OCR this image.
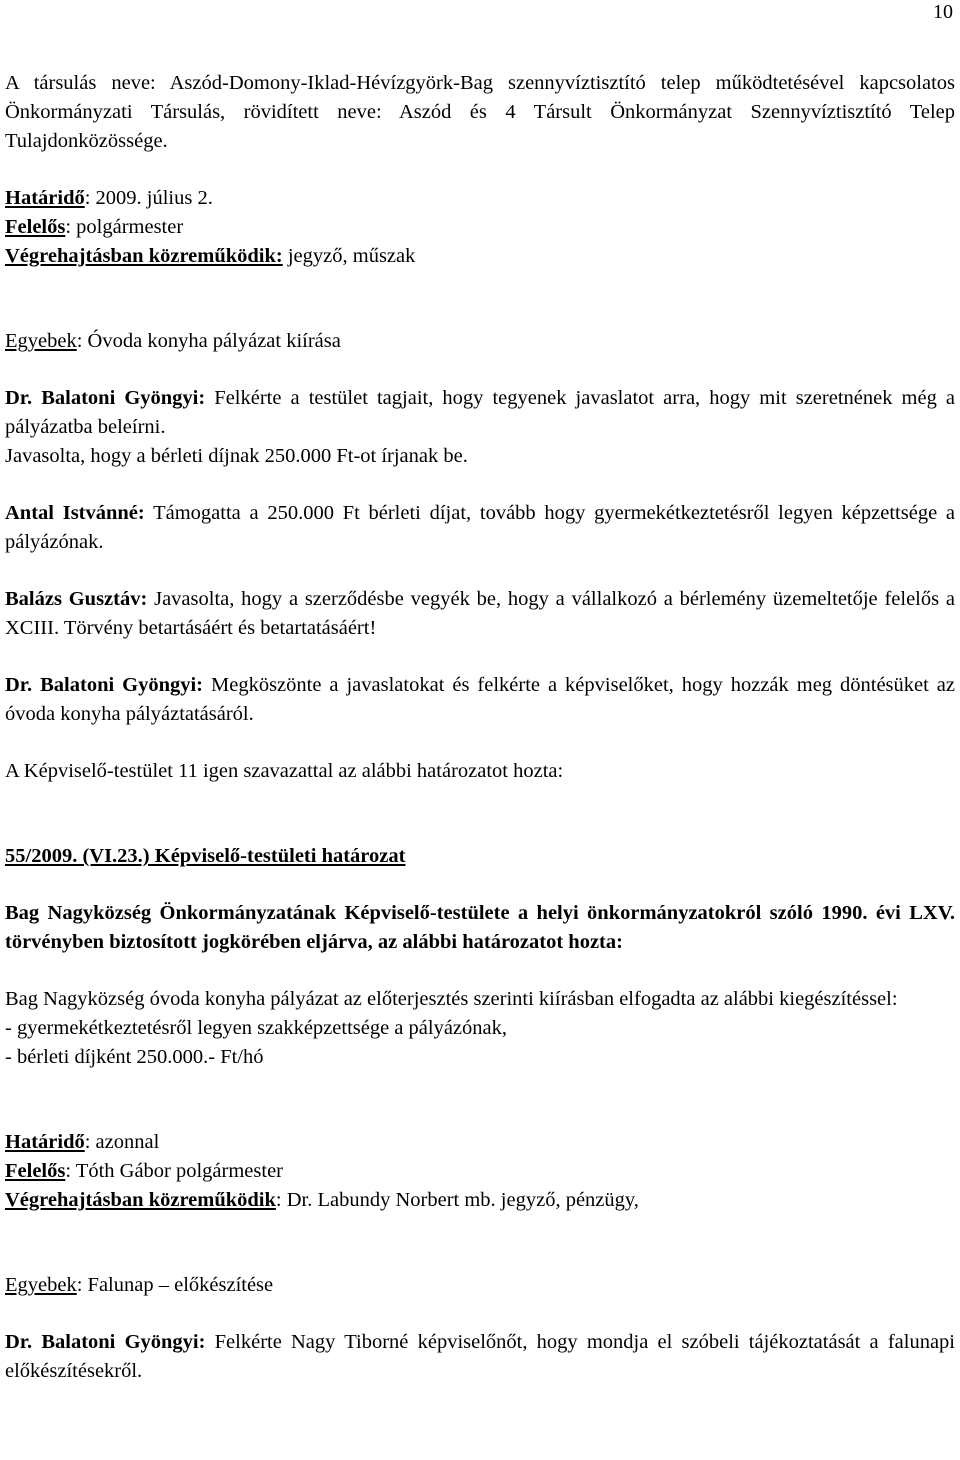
10

A társulás neve: Aszód-Domony-Iklad-Hévízgyörk-Bag szennyvíztisztító telep működtetésével kapcsolatos Önkormányzati Társulás, rövidített neve: Aszód és 4 Társult Önkormányzat Szennyvíztisztító Telep Tulajdonközössége.

Határidő: 2009. július 2.

Felelős: polgármester

Végrehajtásban közreműködik: jegyző, műszak

Egyebek: Óvoda konyha pályázat kiírása

Dr. Balatoni Gyöngyi: Felkérte a testület tagjait, hogy tegyenek javaslatot arra, hogy mit szeretnének még a pályázatba beleírni.

Javasolta, hogy a bérleti díjnak 250.000 Ft-ot írjanak be.

Antal Istvánné: Támogatta a 250.000 Ft bérleti díjat, tovább hogy gyermekétkeztetésről legyen képzettsége a pályázónak.

Balázs Gusztáv: Javasolta, hogy a szerződésbe vegyék be, hogy a vállalkozó a bérlemény üzemeltetője felelős a XCIII. Törvény betartásáért és betartatásáért!

Dr. Balatoni Gyöngyi: Megköszönte a javaslatokat és felkérte a képviselőket, hogy hozzák meg döntésüket az óvoda konyha pályáztatásáról.

A Képviselő-testület 11 igen szavazattal az alábbi határozatot hozta:

55/2009. (VI.23.) Képviselő-testületi határozat

Bag Nagyközség Önkormányzatának Képviselő-testülete a helyi önkormányzatokról szóló 1990. évi LXV. törvényben biztosított jogkörében eljárva, az alábbi határozatot hozta:

Bag Nagyközség óvoda konyha pályázat az előterjesztés szerinti kiírásban elfogadta az alábbi kiegészítéssel:

- gyermekétkeztetésről legyen szakképzettsége a pályázónak,

- bérleti díjként 250.000.- Ft/hó

Határidő: azonnal

Felelős: Tóth Gábor polgármester

Végrehajtásban közreműködik: Dr. Labundy Norbert mb. jegyző, pénzügy,

Egyebek: Falunap – előkészítése

Dr. Balatoni Gyöngyi: Felkérte Nagy Tiborné képviselőnőt, hogy mondja el szóbeli tájékoztatását a falunapi előkészítésekről.
